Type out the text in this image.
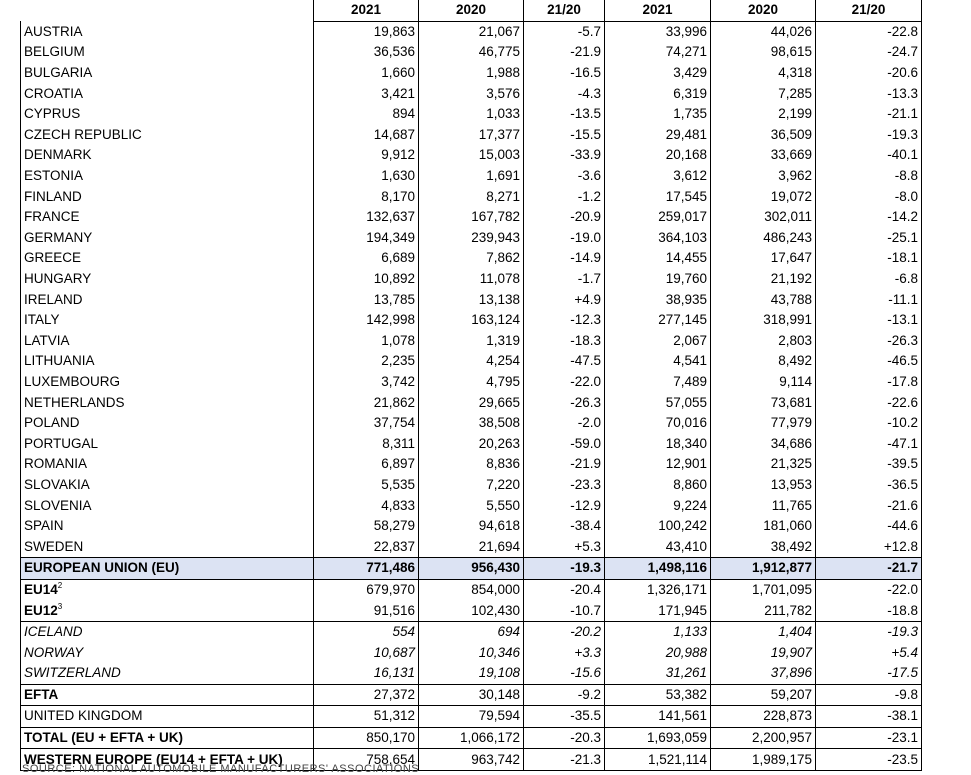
	2021	2020	21/20	2021	2020	21/20
AUSTRIA	19,863	21,067	-5.7	33,996	44,026	-22.8
BELGIUM	36,536	46,775	-21.9	74,271	98,615	-24.7
BULGARIA	1,660	1,988	-16.5	3,429	4,318	-20.6
CROATIA	3,421	3,576	-4.3	6,319	7,285	-13.3
CYPRUS	894	1,033	-13.5	1,735	2,199	-21.1
CZECH REPUBLIC	14,687	17,377	-15.5	29,481	36,509	-19.3
DENMARK	9,912	15,003	-33.9	20,168	33,669	-40.1
ESTONIA	1,630	1,691	-3.6	3,612	3,962	-8.8
FINLAND	8,170	8,271	-1.2	17,545	19,072	-8.0
FRANCE	132,637	167,782	-20.9	259,017	302,011	-14.2
GERMANY	194,349	239,943	-19.0	364,103	486,243	-25.1
GREECE	6,689	7,862	-14.9	14,455	17,647	-18.1
HUNGARY	10,892	11,078	-1.7	19,760	21,192	-6.8
IRELAND	13,785	13,138	+4.9	38,935	43,788	-11.1
ITALY	142,998	163,124	-12.3	277,145	318,991	-13.1
LATVIA	1,078	1,319	-18.3	2,067	2,803	-26.3
LITHUANIA	2,235	4,254	-47.5	4,541	8,492	-46.5
LUXEMBOURG	3,742	4,795	-22.0	7,489	9,114	-17.8
NETHERLANDS	21,862	29,665	-26.3	57,055	73,681	-22.6
POLAND	37,754	38,508	-2.0	70,016	77,979	-10.2
PORTUGAL	8,311	20,263	-59.0	18,340	34,686	-47.1
ROMANIA	6,897	8,836	-21.9	12,901	21,325	-39.5
SLOVAKIA	5,535	7,220	-23.3	8,860	13,953	-36.5
SLOVENIA	4,833	5,550	-12.9	9,224	11,765	-21.6
SPAIN	58,279	94,618	-38.4	100,242	181,060	-44.6
SWEDEN	22,837	21,694	+5.3	43,410	38,492	+12.8
EUROPEAN UNION (EU)	771,486	956,430	-19.3	1,498,116	1,912,877	-21.7
$EU14^2$	679,970	854,000	-20.4	1,326,171	1,701,095	-22.0
$EU12^3$	91,516	102,430	-10.7	171,945	211,782	-18.8
ICELAND	554	694	-20.2	1,133	1,404	-19.3
NORWAY	10,687	10,346	+3.3	20,988	19,907	+5.4
SWITZERLAND	16,131	19,108	-15.6	31,261	37,896	-17.5
EFTA	27,372	30,148	-9.2	53,382	59,207	-9.8
UNITED KINGDOM	51,312	79,594	-35.5	141,561	228,873	-38.1
TOTAL (EU + EFTA + UK)	850,170	1,066,172	-20.3	1,693,059	2,200,957	-23.1
WESTERN EUROPE (EU14 + EFTA + UK)	758,654	963,742	-21.3	1,521,114	1,989,175	-23.5
SOURCE: NATIONAL AUTOMOBILE MANUFACTURERS' ASSOCIATIONS
